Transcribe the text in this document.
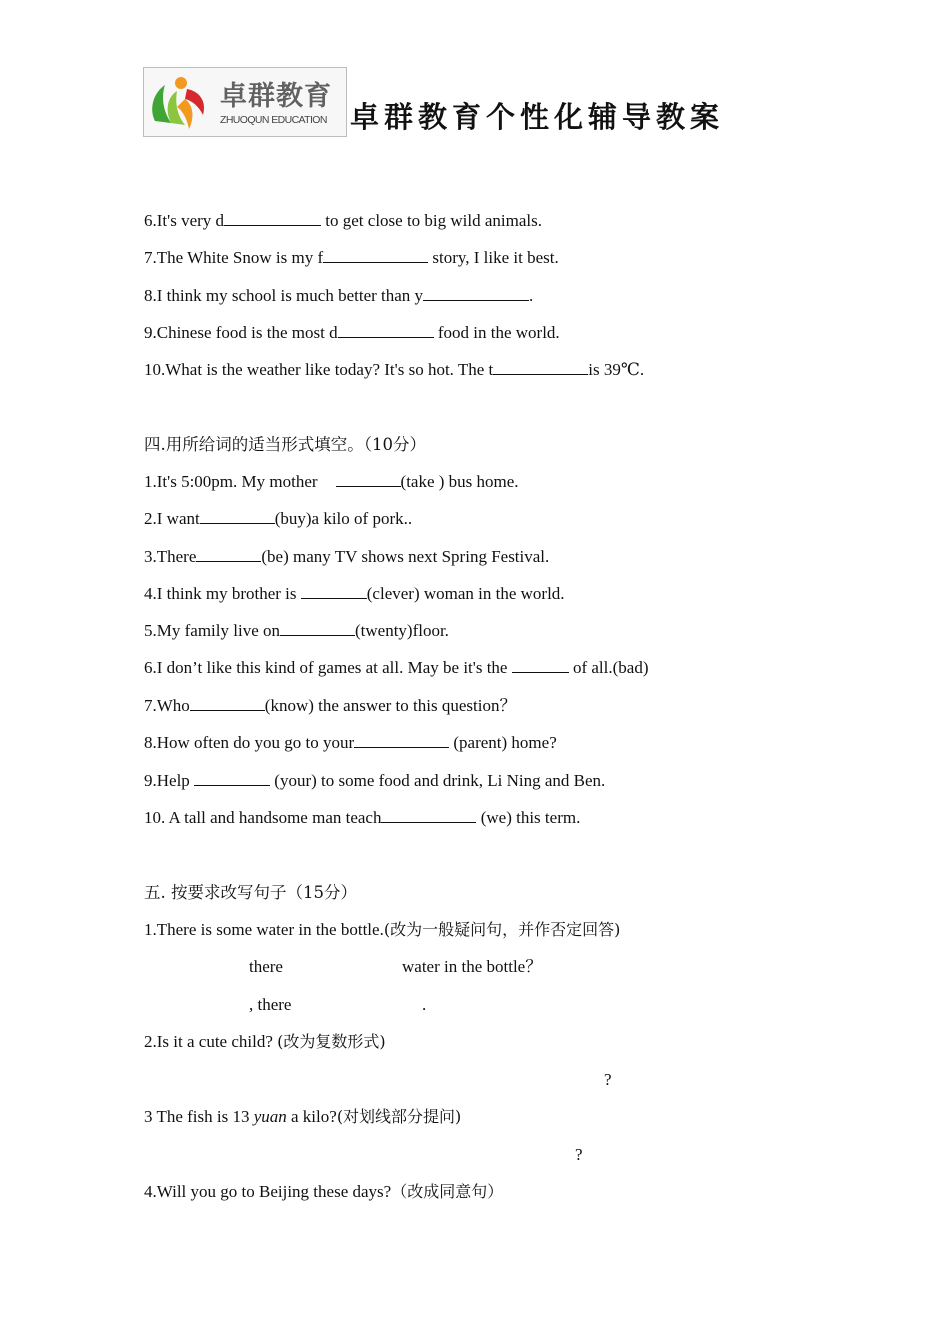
卓群教育
ZHUOQUN EDUCATION 卓群教育个性化辅导教案
6.It's very d	to get close to big wild animals.
7.The White Snow is my f	story, I like it best.
8.I think my school is much better than y	.
9.Chinese food is the most d	food in the world.
10.What is the weather like today? It's so hot. The t	is 39℃.
四.用所给词的适当形式填空。（10分）
1.It's 5:00pm. My mother	(take ) bus home.
2.I want	(buy)a kilo of pork..
3.There	(be) many TV shows next Spring Festival.
4.I think my brother is	(clever) woman in the world.
5.My family live on	(twenty)floor.
6.I don’t like this kind of games at all. May be it's the	of all.(bad)
7.Who	(know) the answer to this question？
8.How often do you go to your	(parent) home?
9.Help	(your) to some food and drink, Li Ning and Ben.
10. A tall and handsome man teach	(we) this term.
五. 按要求改写句子（15分）
1.There is some water in the bottle.(改为一般疑问句，并作否定回答)
there	water in the bottle？
, there	.
2.Is it a cute child? (改为复数形式)
?
3 The fish is 13 yuan a kilo?(对划线部分提问)
?
4.Will you go to Beijing these days?（改成同意句）
